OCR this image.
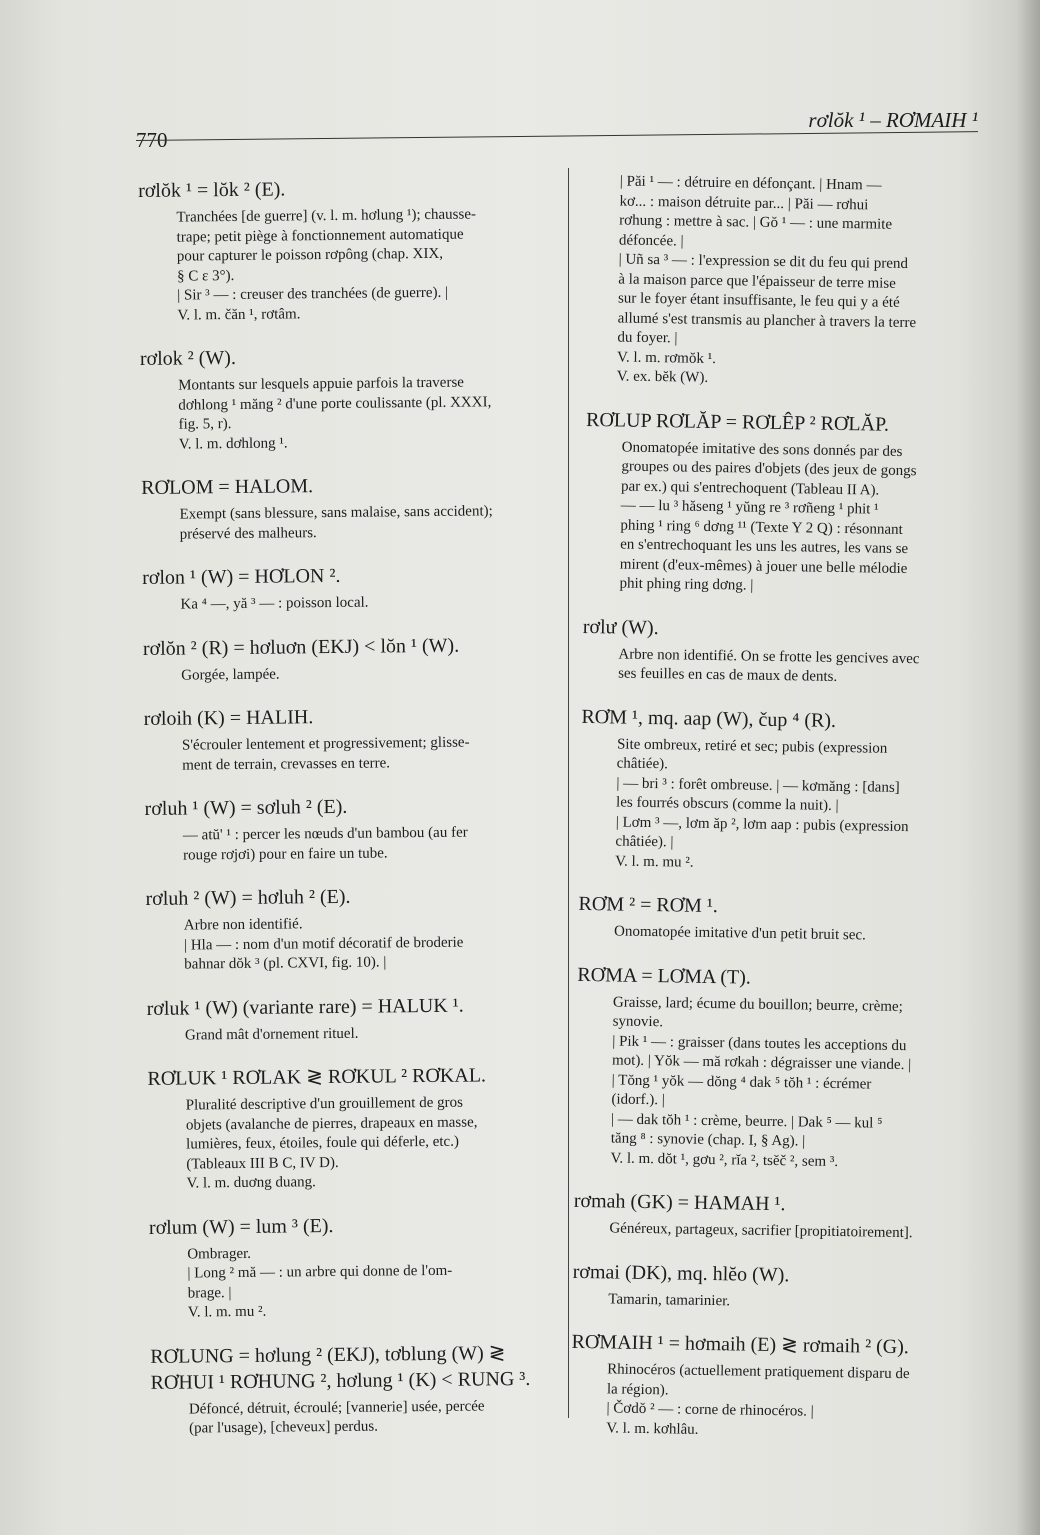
770
rơlŏk ¹ – RƠMAIH ¹
rơlŏk ¹ = lŏk ² (E).

Tranchées [de guerre] (v. l. m. hơlung ¹); chausse-

trape; petit piège à fonctionnement automatique

pour capturer le poisson rơpông (chap. XIX,

§ C ε 3°).

| Sir ³ — : creuser des tranchées (de guerre). |

V. l. m. čăn ¹, rơtâm.

rơlok ² (W).

Montants sur lesquels appuie parfois la traverse

dơhlong ¹ măng ² d'une porte coulissante (pl. XXXI,

fig. 5, r).

V. l. m. dơhlong ¹.

RƠLOM = HALOM.

Exempt (sans blessure, sans malaise, sans accident);

préservé des malheurs.

rơlon ¹ (W) = HƠLON ².

Ka ⁴ —, yă ³ — : poisson local.

rơlŏn ² (R) = hơluơn (EKJ) < lŏn ¹ (W).

Gorgée, lampée.

rơloih (K) = HALIH.

S'écrouler lentement et progressivement; glisse-

ment de terrain, crevasses en terre.

rơluh ¹ (W) = sơluh ² (E).

— atŭ' ¹ : percer les nœuds d'un bambou (au fer

rouge rơjơi) pour en faire un tube.

rơluh ² (W) = hơluh ² (E).

Arbre non identifié.

| Hla — : nom d'un motif décoratif de broderie

bahnar dŏk ³ (pl. CXVI, fig. 10). |

rơluk ¹ (W) (variante rare) = HALUK ¹.

Grand mât d'ornement rituel.

RƠLUK ¹ RƠLAK ≷ RƠKUL ² RƠKAL.

Pluralité descriptive d'un grouillement de gros

objets (avalanche de pierres, drapeaux en masse,

lumières, feux, étoiles, foule qui déferle, etc.)

(Tableaux III B C, IV D).

V. l. m. duơng duang.

rơlum (W) = lum ³ (E).

Ombrager.

| Long ² mă — : un arbre qui donne de l'om-

brage. |

V. l. m. mu ².

RƠLUNG = hơlung ² (EKJ), tơblung (W) ≷ RƠHUI ¹ RƠHUNG ², hơlung ¹ (K) < RUNG ³.

Défoncé, détruit, écroulé; [vannerie] usée, percée

(par l'usage), [cheveux] perdus.

| Păi ¹ — : détruire en défonçant. | Hnam —

kơ... : maison détruite par... | Păi — rơhui

rơhung : mettre à sac. | Gŏ ¹ — : une marmite

défoncée. |

| Uñ sa ³ — : l'expression se dit du feu qui prend

à la maison parce que l'épaisseur de terre mise

sur le foyer étant insuffisante, le feu qui y a été

allumé s'est transmis au plancher à travers la terre

du foyer. |

V. l. m. rơmŏk ¹.

V. ex. bĕk (W).

RƠLUP RƠLĂP = RƠLÊP ² RƠLĂP.

Onomatopée imitative des sons donnés par des

groupes ou des paires d'objets (des jeux de gongs

par ex.) qui s'entrechoquent (Tableau II A).

— — lu ³ hăseng ¹ yŭng re ³ rơñeng ¹ phit ¹

phing ¹ ring ⁶ dơng ¹¹ (Texte Y 2 Q) : résonnant

en s'entrechoquant les uns les autres, les vans se

mirent (d'eux-mêmes) à jouer une belle mélodie

phit phing ring dơng. |

rơlư (W).

Arbre non identifié. On se frotte les gencives avec

ses feuilles en cas de maux de dents.

RƠM ¹, mq. aap (W), čup ⁴ (R).

Site ombreux, retiré et sec; pubis (expression

châtiée).

| — bri ³ : forêt ombreuse. | — kơmăng : [dans]

les fourrés obscurs (comme la nuit). |

| Lơm ³ —, lơm ăp ², lơm aap : pubis (expression

châtiée). |

V. l. m. mu ².

RƠM ² = RƠM ¹.

Onomatopée imitative d'un petit bruit sec.

RƠMA = LƠMA (T).

Graisse, lard; écume du bouillon; beurre, crème;

synovie.

| Pik ¹ — : graisser (dans toutes les acceptions du

mot). | Yŏk — mă rơkah : dégraisser une viande. |

| Tŏng ¹ yŏk — dŏng ⁴ dak ⁵ tŏh ¹ : écrémer

(idorf.). |

| — dak tŏh ¹ : crème, beurre. | Dak ⁵ — kul ⁵

tăng ⁸ : synovie (chap. I, § Ag). |

V. l. m. dŏt ¹, gơu ², rĭa ², tsĕč ², sem ³.

rơmah (GK) = HAMAH ¹.

Généreux, partageux, sacrifier [propitiatoirement].

rơmai (DK), mq. hlĕo (W).

Tamarin, tamarinier.

RƠMAIH ¹ = hơmaih (E) ≷ rơmaih ² (G).

Rhinocéros (actuellement pratiquement disparu de

la région).

| Čơdŏ ² — : corne de rhinocéros. |

V. l. m. kơhlâu.
